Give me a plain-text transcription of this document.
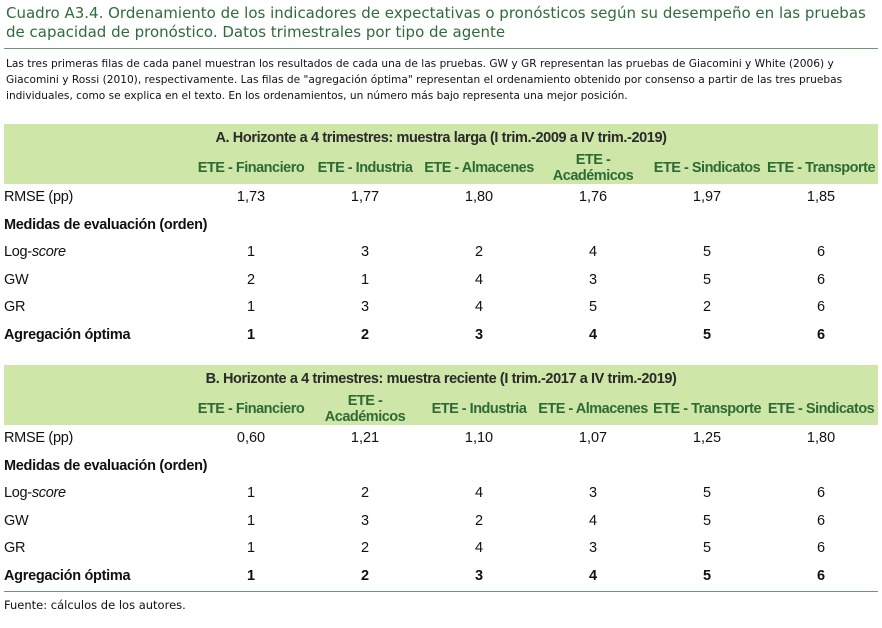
Cuadro A3.4. Ordenamiento de los indicadores de expectativas o pronósticos según su desempeño en las pruebas de capacidad de pronóstico. Datos trimestrales por tipo de agente
Las tres primeras filas de cada panel muestran los resultados de cada una de las pruebas. GW y GR representan las pruebas de Giacomini y White (2006) y Giacomini y Rossi (2010), respectivamente. Las filas de "agregación óptima" representan el ordenamiento obtenido por consenso a partir de las tres pruebas individuales, como se explica en el texto. En los ordenamientos, un número más bajo representa una mejor posición.
A. Horizonte a 4 trimestres: muestra larga (I trim.-2009 a IV trim.-2019)						
	ETE - Financiero	ETE - Industria	ETE - Almacenes	ETE - Académicos	ETE - Sindicatos	ETE - Transporte
RMSE (pp)	1,73	1,77	1,80	1,76	1,97	1,85
Medidas de evaluación (orden)						
Log-score	1	3	2	4	5	6
GW	2	1	4	3	5	6
GR	1	3	4	5	2	6
Agregación óptima	1	2	3	4	5	6
B. Horizonte a 4 trimestres: muestra reciente (I trim.-2017 a IV trim.-2019)						
	ETE - Financiero	ETE - Académicos	ETE - Industria	ETE - Almacenes	ETE - Transporte	ETE - Sindicatos
RMSE (pp)	0,60	1,21	1,10	1,07	1,25	1,80
Medidas de evaluación (orden)						
Log-score	1	2	4	3	5	6
GW	1	3	2	4	5	6
GR	1	2	4	3	5	6
Agregación óptima	1	2	3	4	5	6
Fuente: cálculos de los autores.
